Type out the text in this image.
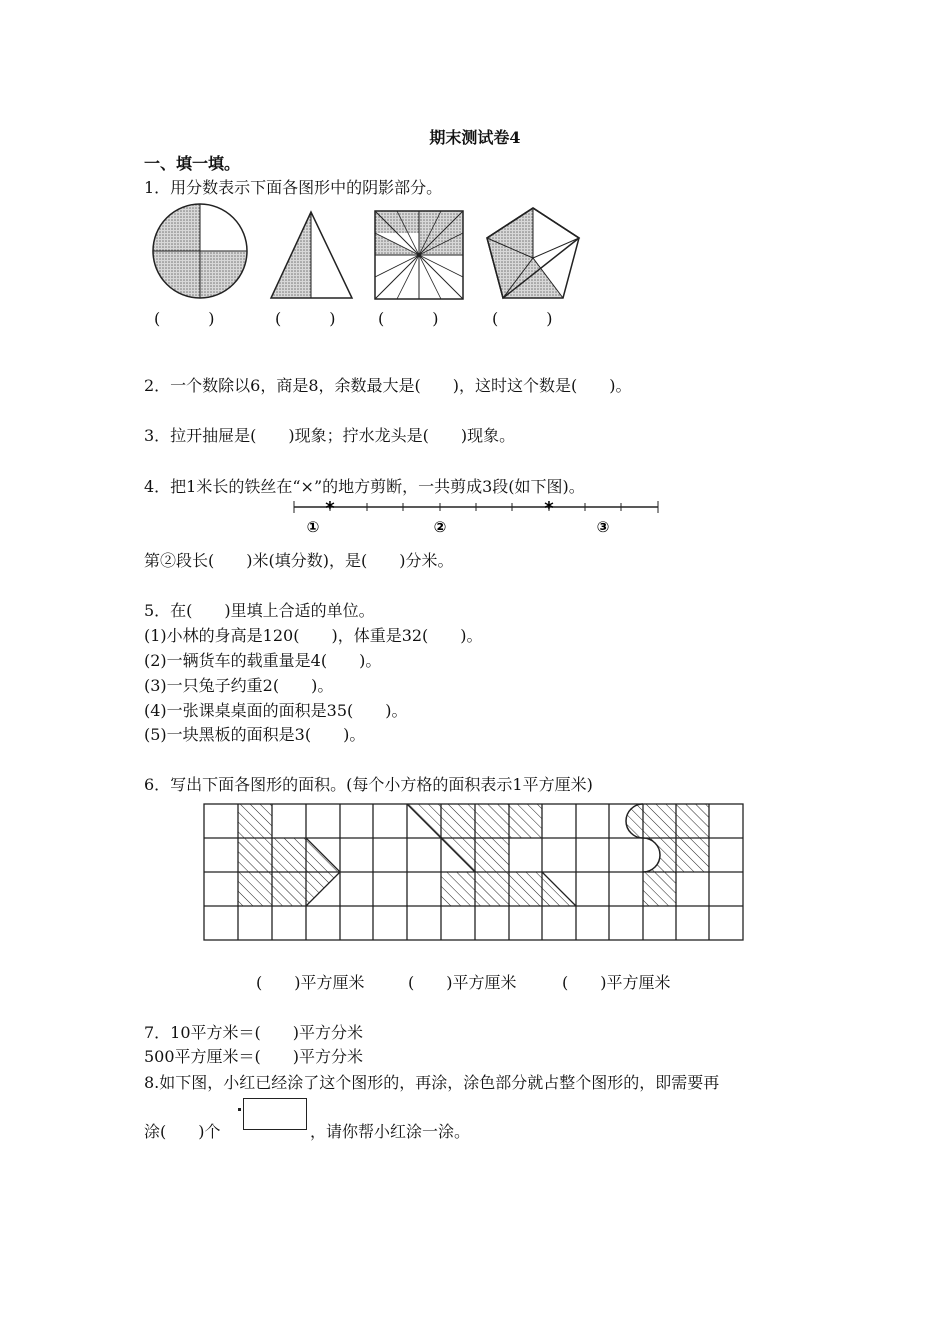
期末测试卷4
一、填一填。
1．用分数表示下面各图形中的阴影部分。
(　　　)	(　　　)	(　　　)	(　　　)
2．一个数除以6，商是8，余数最大是(　　)，这时这个数是(　　)。
3．拉开抽屉是(　　)现象；拧水龙头是(　　)现象。
4．把1米长的铁丝在“×”的地方剪断，一共剪成3段(如下图)。
*	*
①	②	③
第②段长(　　)米(填分数)，是(　　)分米。
5．在(　　)里填上合适的单位。
(1)小林的身高是120(　　)，体重是32(　　)。
(2)一辆货车的载重量是4(　　)。
(3)一只兔子约重2(　　)。
(4)一张课桌桌面的面积是35(　　)。
(5)一块黑板的面积是3(　　)。
6．写出下面各图形的面积。(每个小方格的面积表示1平方厘米)
(　　)平方厘米	(　　)平方厘米	(　　)平方厘米
7．10平方米＝(　　)平方分米
500平方厘米＝(　　)平方分米
8.如下图，小红已经涂了这个图形的，再涂，涂色部分就占整个图形的，即需要再
涂(　　)个	，请你帮小红涂一涂。
